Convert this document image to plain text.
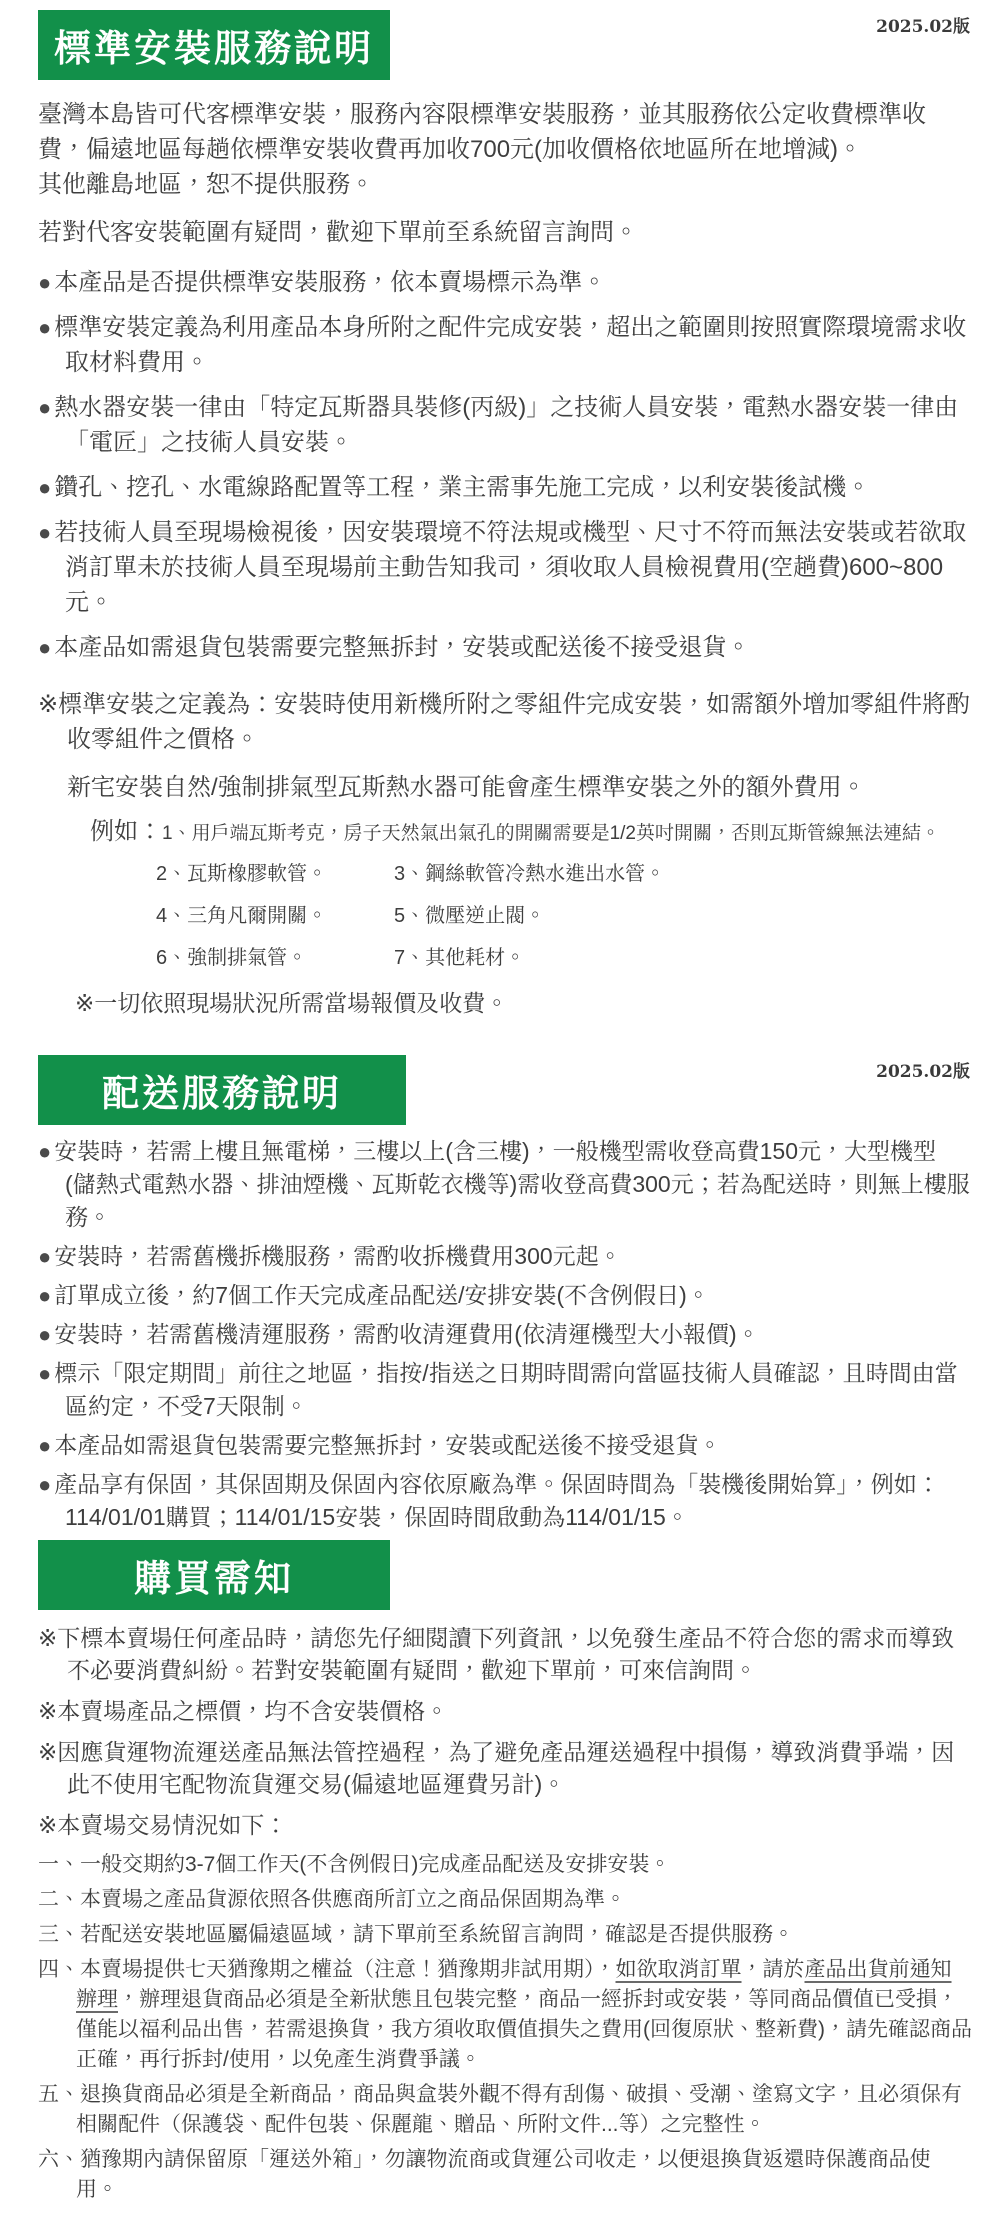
2025.02版
標準安裝服務說明

臺灣本島皆可代客標準安裝，服務內容限標準安裝服務，並其服務依公定收費標準收費，偏遠地區每趟依標準安裝收費再加收700元(加收價格依地區所在地增減)。

其他離島地區，恕不提供服務。

若對代客安裝範圍有疑問，歡迎下單前至系統留言詢問。

● 本產品是否提供標準安裝服務，依本賣場標示為準。
● 標準安裝定義為利用產品本身所附之配件完成安裝，超出之範圍則按照實際環境需求收取材料費用。
● 熱水器安裝一律由「特定瓦斯器具裝修(丙級)」之技術人員安裝，電熱水器安裝一律由「電匠」之技術人員安裝。
● 鑽孔、挖孔、水電線路配置等工程，業主需事先施工完成，以利安裝後試機。
● 若技術人員至現場檢視後，因安裝環境不符法規或機型、尺寸不符而無法安裝或若欲取消訂單未於技術人員至現場前主動告知我司，須收取人員檢視費用(空趟費)600~800元。
● 本產品如需退貨包裝需要完整無拆封，安裝或配送後不接受退貨。
※標準安裝之定義為：安裝時使用新機所附之零組件完成安裝，如需額外增加零組件將酌收零組件之價格。
新宅安裝自然/強制排氣型瓦斯熱水器可能會產生標準安裝之外的額外費用。
例如： 1、用戶端瓦斯考克，房子天然氣出氣孔的開關需要是1/2英吋開關，否則瓦斯管線無法連結。
2、瓦斯橡膠軟管。	3、鋼絲軟管冷熱水進出水管。
4、三角凡爾開關。	5、微壓逆止閥。
6、強制排氣管。	7、其他耗材。
※一切依照現場狀況所需當場報價及收費。
2025.02版
配送服務說明
● 安裝時，若需上樓且無電梯，三樓以上(含三樓)，一般機型需收登高費150元，大型機型 (儲熱式電熱水器、排油煙機、瓦斯乾衣機等)需收登高費300元；若為配送時，則無上樓服務。
● 安裝時，若需舊機拆機服務，需酌收拆機費用300元起。
● 訂單成立後，約7個工作天完成產品配送/安排安裝(不含例假日)。
● 安裝時，若需舊機清運服務，需酌收清運費用(依清運機型大小報價)。
● 標示「限定期間」前往之地區，指按/指送之日期時間需向當區技術人員確認，且時間由當區約定，不受7天限制。
● 本產品如需退貨包裝需要完整無拆封，安裝或配送後不接受退貨。
● 產品享有保固，其保固期及保固內容依原廠為準。保固時間為「裝機後開始算」，例如：114/01/01購買；114/01/15安裝，保固時間啟動為114/01/15。
購買需知
※下標本賣場任何產品時，請您先仔細閱讀下列資訊，以免發生產品不符合您的需求而導致不必要消費糾紛。若對安裝範圍有疑問，歡迎下單前，可來信詢問。
※本賣場產品之標價，均不含安裝價格。
※因應貨運物流運送產品無法管控過程，為了避免產品運送過程中損傷，導致消費爭端，因此不使用宅配物流貨運交易(偏遠地區運費另計)。
※本賣場交易情況如下：
一、一般交期約3-7個工作天(不含例假日)完成產品配送及安排安裝。
二、本賣場之產品貨源依照各供應商所訂立之商品保固期為準。
三、若配送安裝地區屬偏遠區域，請下單前至系統留言詢問，確認是否提供服務。
四、本賣場提供七天猶豫期之權益（注意！猶豫期非試用期），如欲取消訂單，請於產品出貨前通知辦理，辦理退貨商品必須是全新狀態且包裝完整，商品一經拆封或安裝，等同商品價值已受損，僅能以福利品出售，若需退換貨，我方須收取價值損失之費用(回復原狀、整新費)，請先確認商品正確，再行拆封/使用，以免產生消費爭議。
五、退換貨商品必須是全新商品，商品與盒裝外觀不得有刮傷、破損、受潮、塗寫文字，且必須保有相關配件（保護袋、配件包裝、保麗龍、贈品、所附文件...等）之完整性。
六、猶豫期內請保留原「運送外箱」，勿讓物流商或貨運公司收走，以便退換貨返還時保護商品使用。
